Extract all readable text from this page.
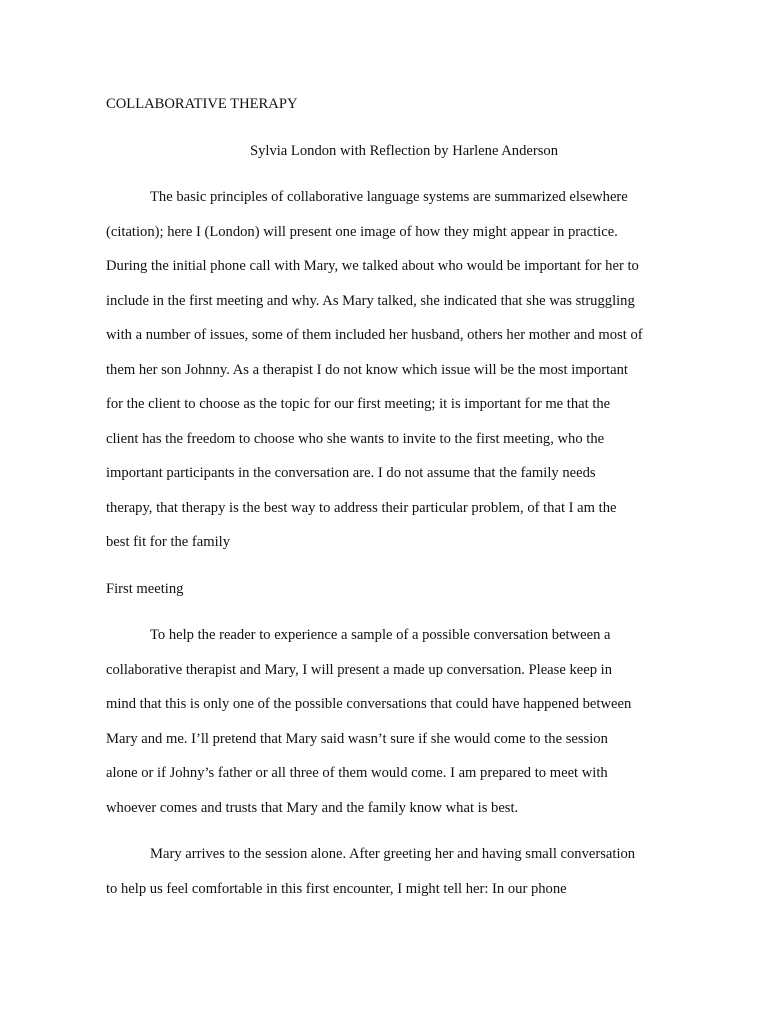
COLLABORATIVE THERAPY
Sylvia London with Reflection by Harlene Anderson
The basic principles of collaborative language systems are summarized elsewhere
(citation); here I (London) will present one image of how they might appear in practice.
During the initial phone call with Mary, we talked about who would be important for her to
include in the first meeting and why. As Mary talked, she indicated that she was struggling
with a number of issues, some of them included her husband, others her mother and most of
them her son Johnny. As a therapist I do not know which issue will be the most important
for the client to choose as the topic for our first meeting; it is important for me that the
client has the freedom to choose who she wants to invite to the first meeting, who the
important participants in the conversation are. I do not assume that the family needs
therapy, that therapy is the best way to address their particular problem, of that I am the
best fit for the family
First meeting
To help the reader to experience a sample of a possible conversation between a
collaborative therapist and Mary, I will present a made up conversation. Please keep in
mind that this is only one of the possible conversations that could have happened between
Mary and me. I’ll pretend that Mary said wasn’t sure if she would come to the session
alone or if Johny’s father or all three of them would come. I am prepared to meet with
whoever comes and trusts that Mary and the family know what is best.
Mary arrives to the session alone. After greeting her and having small conversation
to help us feel comfortable in this first encounter, I might tell her: In our phone
